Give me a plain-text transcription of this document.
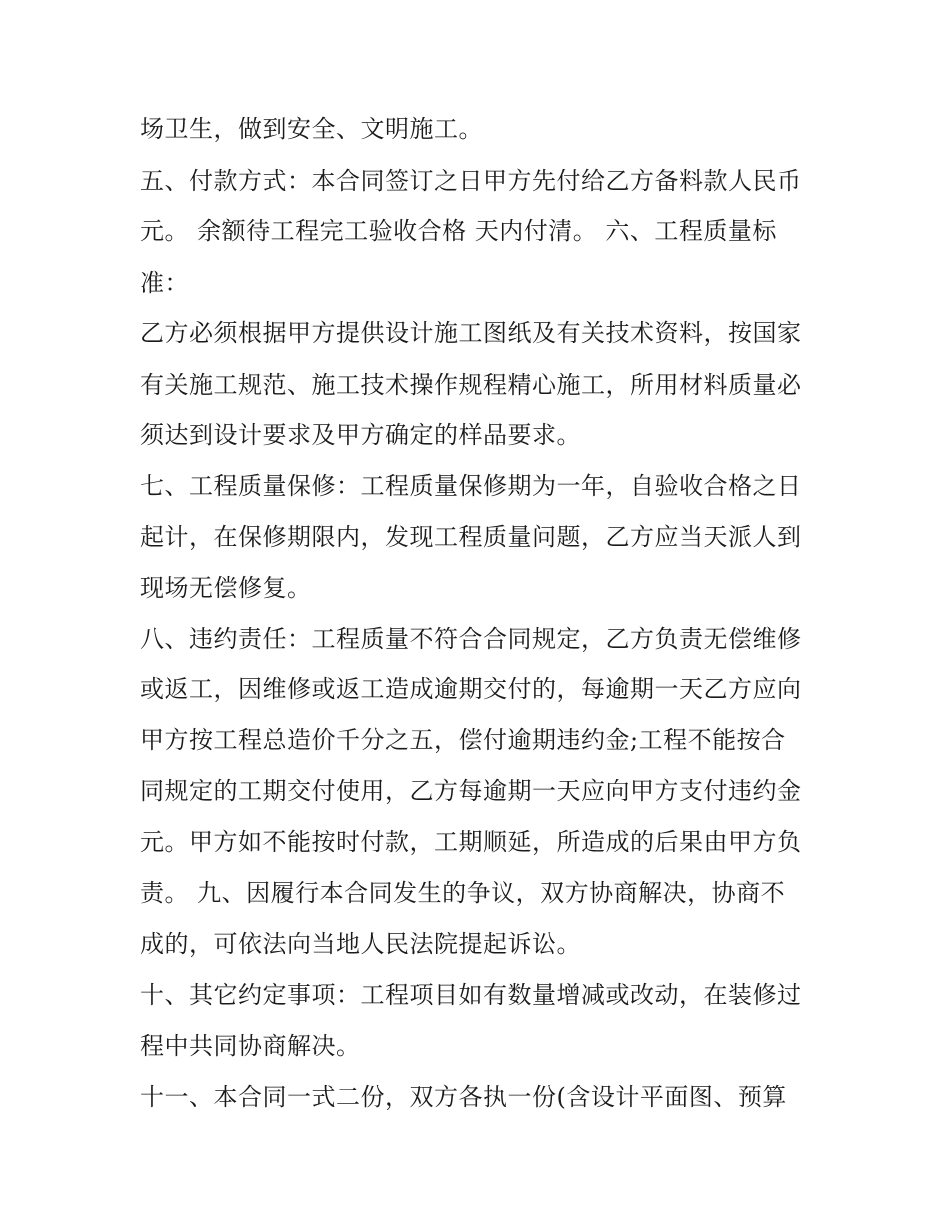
场卫生，做到安全、文明施工。
五、付款方式：本合同签订之日甲方先付给乙方备料款人民币
元。 余额待工程完工验收合格 天内付清。 六、工程质量标
准：
乙方必须根据甲方提供设计施工图纸及有关技术资料，按国家
有关施工规范、施工技术操作规程精心施工，所用材料质量必
须达到设计要求及甲方确定的样品要求。
七、工程质量保修：工程质量保修期为一年，自验收合格之日
起计，在保修期限内，发现工程质量问题，乙方应当天派人到
现场无偿修复。
八、违约责任：工程质量不符合合同规定，乙方负责无偿维修
或返工，因维修或返工造成逾期交付的，每逾期一天乙方应向
甲方按工程总造价千分之五，偿付逾期违约金;工程不能按合
同规定的工期交付使用，乙方每逾期一天应向甲方支付违约金
元。甲方如不能按时付款，工期顺延，所造成的后果由甲方负
责。 九、因履行本合同发生的争议，双方协商解决，协商不
成的，可依法向当地人民法院提起诉讼。
十、其它约定事项：工程项目如有数量增减或改动，在装修过
程中共同协商解决。
十一、本合同一式二份，双方各执一份(含设计平面图、预算
